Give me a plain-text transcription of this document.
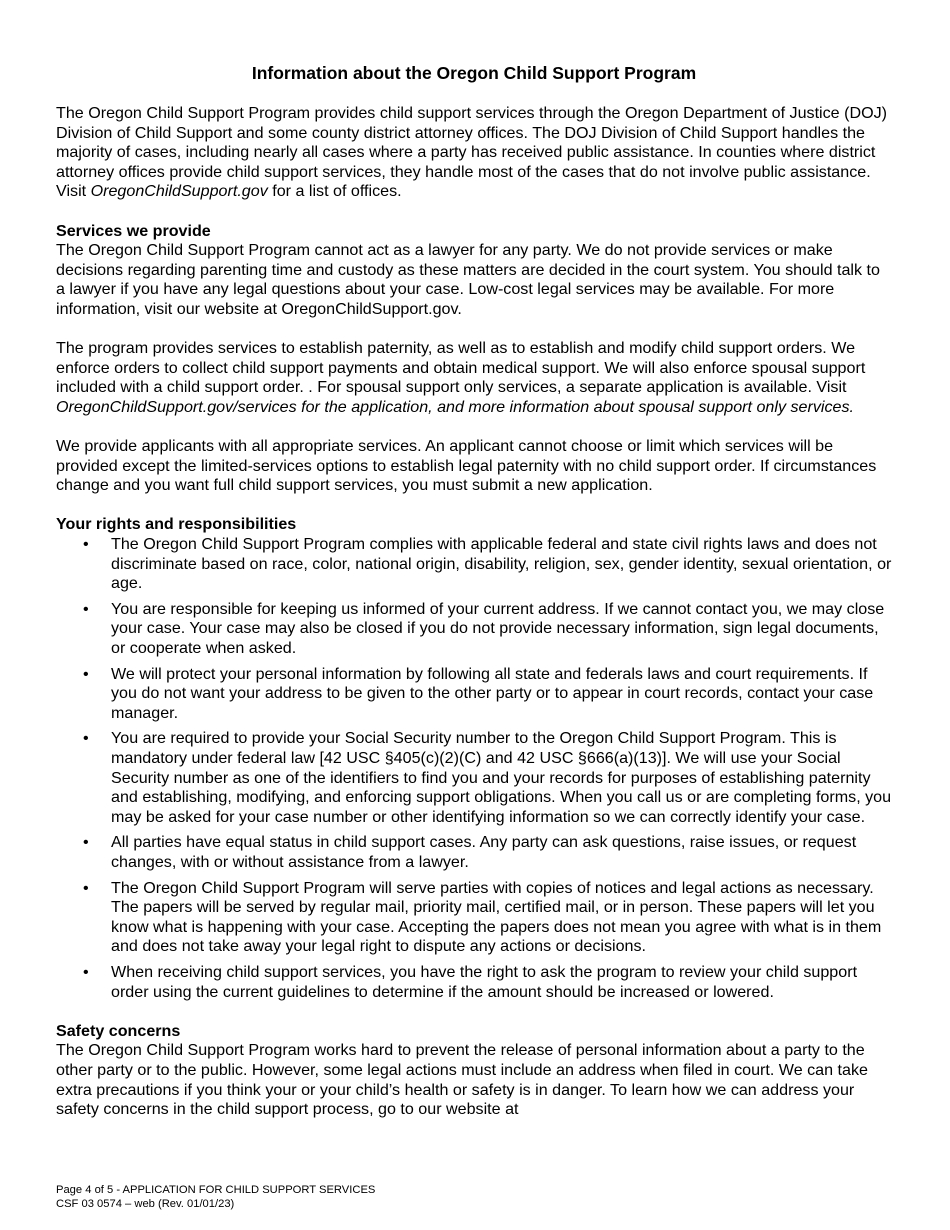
Information about the Oregon Child Support Program

The Oregon Child Support Program provides child support services through the Oregon Department of Justice (DOJ) Division of Child Support and some county district attorney offices. The DOJ Division of Child Support handles the majority of cases, including nearly all cases where a party has received public assistance. In counties where district attorney offices provide child support services, they handle most of the cases that do not involve public assistance. Visit OregonChildSupport.gov for a list of offices.

Services we provide

The Oregon Child Support Program cannot act as a lawyer for any party. We do not provide services or make decisions regarding parenting time and custody as these matters are decided in the court system. You should talk to a lawyer if you have any legal questions about your case. Low-cost legal services may be available. For more information, visit our website at OregonChildSupport.gov.

The program provides services to establish paternity, as well as to establish and modify child support orders. We enforce orders to collect child support payments and obtain medical support. We will also enforce spousal support included with a child support order. . For spousal support only services, a separate application is available. Visit OregonChildSupport.gov/services for the application, and more information about spousal support only services.

We provide applicants with all appropriate services. An applicant cannot choose or limit which services will be provided except the limited-services options to establish legal paternity with no child support order. If circumstances change and you want full child support services, you must submit a new application.

Your rights and responsibilities

• The Oregon Child Support Program complies with applicable federal and state civil rights laws and does not discriminate based on race, color, national origin, disability, religion, sex, gender identity, sexual orientation, or age.
• You are responsible for keeping us informed of your current address. If we cannot contact you, we may close your case. Your case may also be closed if you do not provide necessary information, sign legal documents, or cooperate when asked.
• We will protect your personal information by following all state and federals laws and court requirements. If you do not want your address to be given to the other party or to appear in court records, contact your case manager.
• You are required to provide your Social Security number to the Oregon Child Support Program. This is mandatory under federal law [42 USC §405(c)(2)(C) and 42 USC §666(a)(13)]. We will use your Social Security number as one of the identifiers to find you and your records for purposes of establishing paternity and establishing, modifying, and enforcing support obligations. When you call us or are completing forms, you may be asked for your case number or other identifying information so we can correctly identify your case.
• All parties have equal status in child support cases. Any party can ask questions, raise issues, or request changes, with or without assistance from a lawyer.
• The Oregon Child Support Program will serve parties with copies of notices and legal actions as necessary. The papers will be served by regular mail, priority mail, certified mail, or in person. These papers will let you know what is happening with your case. Accepting the papers does not mean you agree with what is in them and does not take away your legal right to dispute any actions or decisions.
• When receiving child support services, you have the right to ask the program to review your child support order using the current guidelines to determine if the amount should be increased or lowered.

Safety concerns

The Oregon Child Support Program works hard to prevent the release of personal information about a party to the other party or to the public. However, some legal actions must include an address when filed in court. We can take extra precautions if you think your or your child’s health or safety is in danger. To learn how we can address your safety concerns in the child support process, go to our website at

Page 4 of 5 - APPLICATION FOR CHILD SUPPORT SERVICES
CSF 03 0574 – web (Rev. 01/01/23)
